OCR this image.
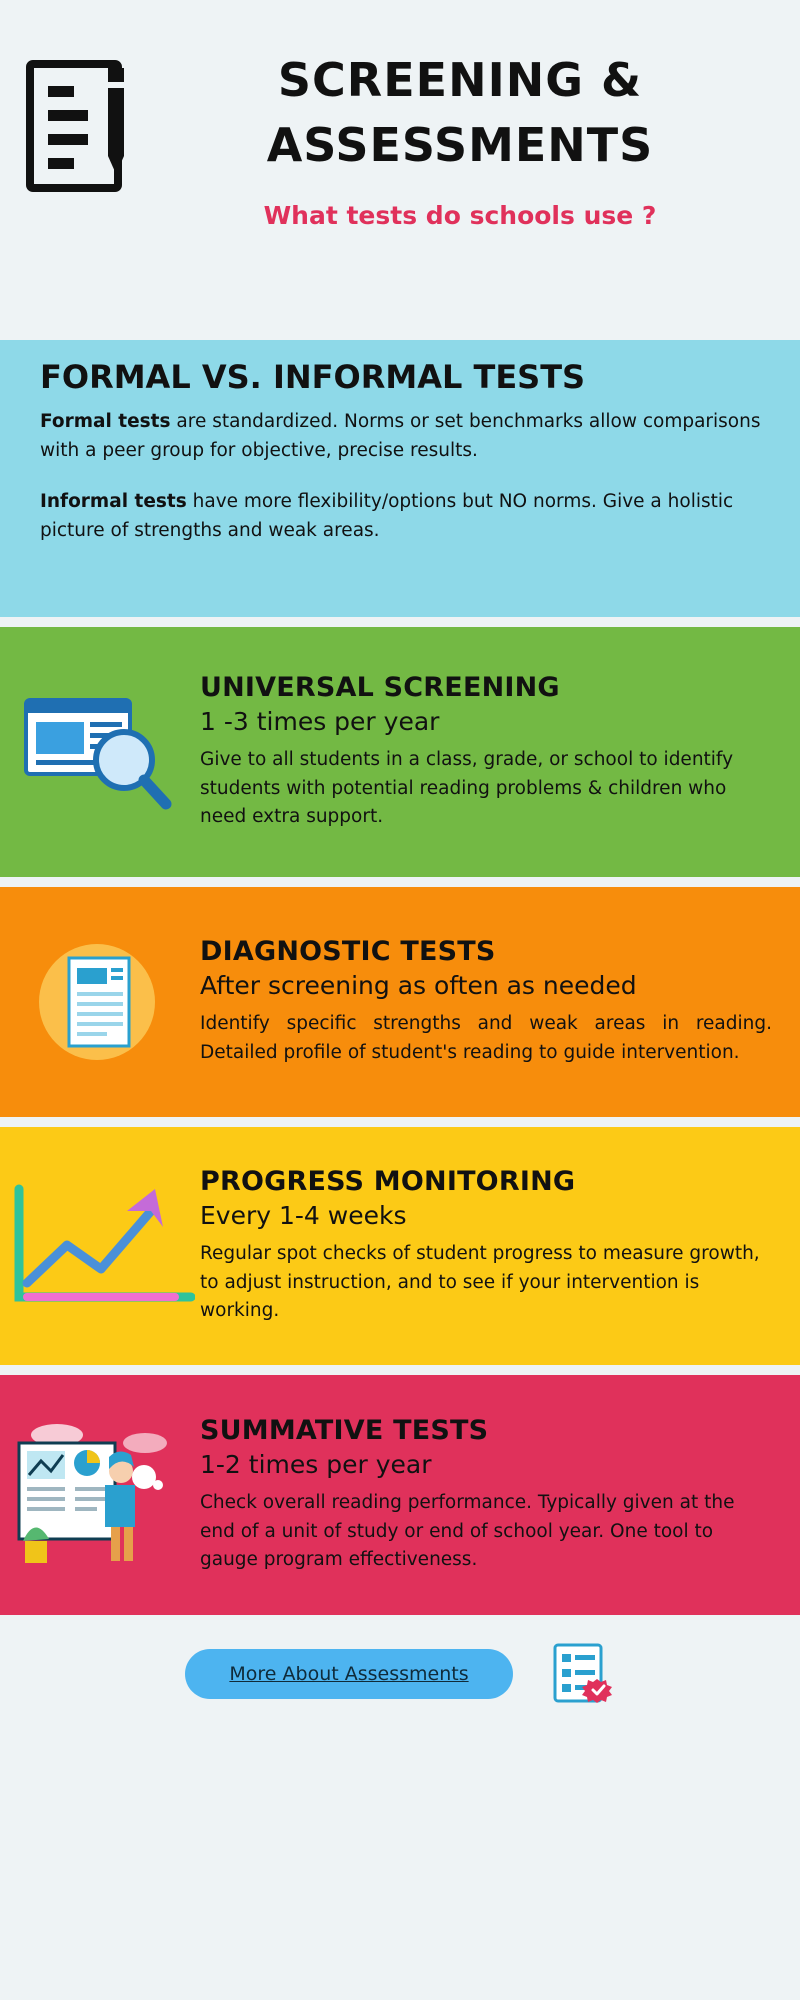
SCREENING & ASSESSMENTS
What tests do schools use ?
FORMAL VS. INFORMAL TESTS

Formal tests are standardized. Norms or set benchmarks allow comparisons with a peer group for objective, precise results.

Informal tests have more flexibility/options but NO norms. Give a holistic picture of strengths and weak areas.

UNIVERSAL SCREENING
1 -3 times per year
Give to all students in a class, grade, or school to identify students with potential reading problems & children who need extra support.
DIAGNOSTIC TESTS
After screening as often as needed
Identify specific strengths and weak areas in reading. Detailed profile of student's reading to guide intervention.
PROGRESS MONITORING
Every 1-4 weeks
Regular spot checks of student progress to measure growth, to adjust instruction, and to see if your intervention is working.
SUMMATIVE TESTS
1-2 times per year
Check overall reading performance. Typically given at the end of a unit of study or end of school year. One tool to gauge program effectiveness.
More About Assessments
